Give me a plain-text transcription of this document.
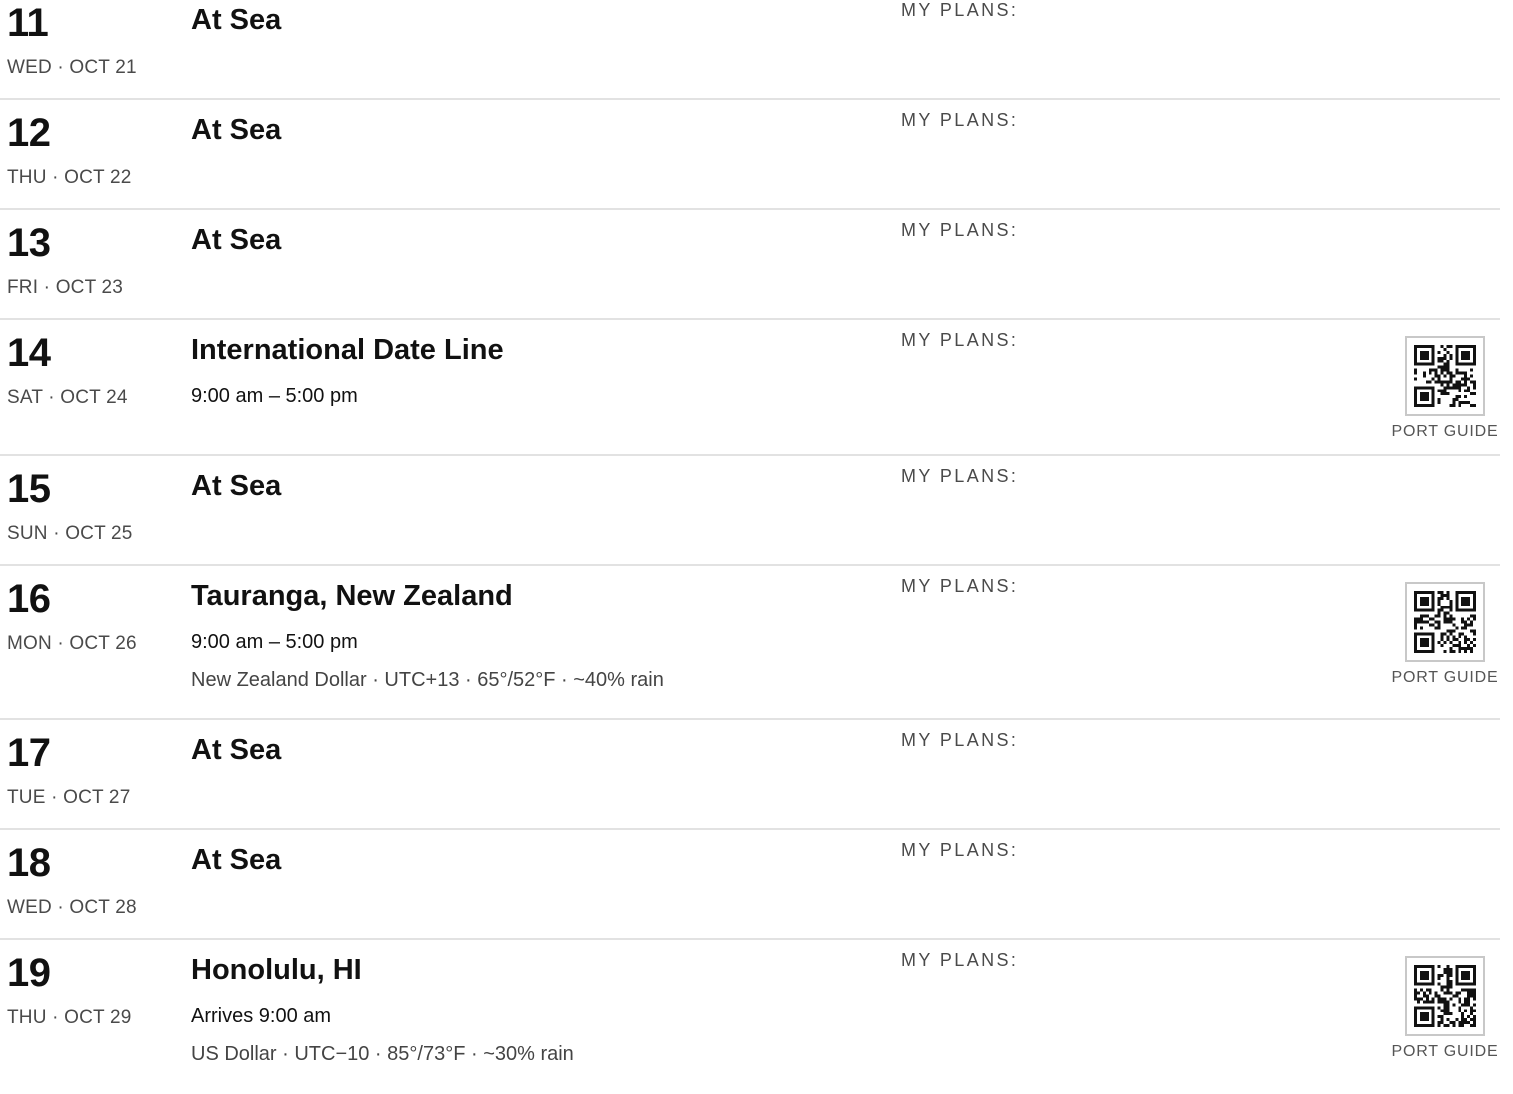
11
WED · OCT 21
At Sea	MY PLANS:
12
THU · OCT 22
At Sea	MY PLANS:
13
FRI · OCT 23
At Sea	MY PLANS:
14
SAT · OCT 24
International Date Line
9:00 am – 5:00 pm
MY PLANS:
PORT GUIDE
15
SUN · OCT 25
At Sea	MY PLANS:
16
MON · OCT 26
Tauranga, New Zealand
9:00 am – 5:00 pm
New Zealand Dollar · UTC+13 · 65°/52°F · ~40% rain
MY PLANS:
PORT GUIDE
17
TUE · OCT 27
At Sea	MY PLANS:
18
WED · OCT 28
At Sea	MY PLANS:
19
THU · OCT 29
Honolulu, HI
Arrives 9:00 am
US Dollar · UTC−10 · 85°/73°F · ~30% rain
MY PLANS:
PORT GUIDE
